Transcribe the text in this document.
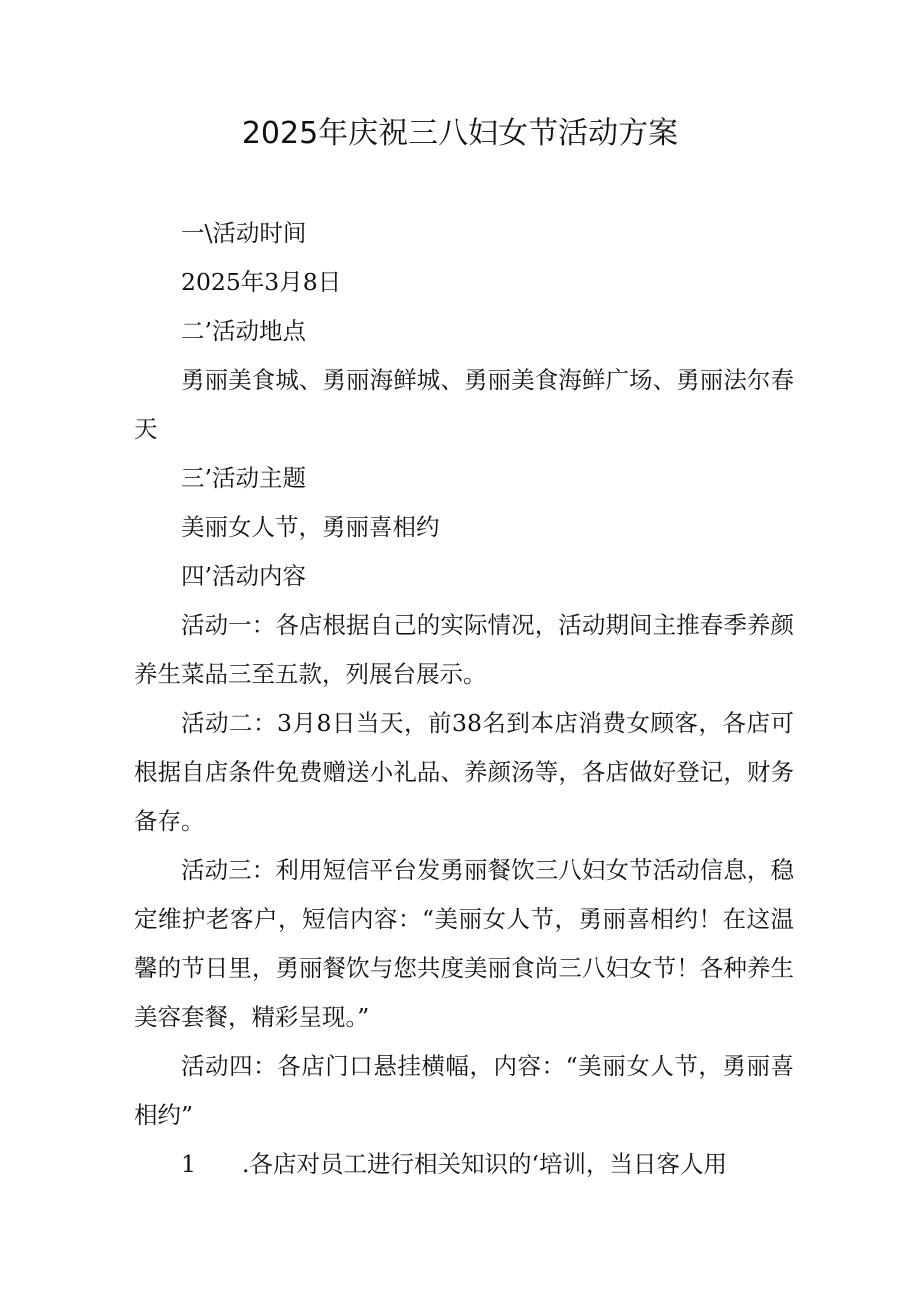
2025年庆祝三八妇女节活动方案

一\活动时间

2025年3月8日

二’活动地点

勇丽美食城、勇丽海鲜城、勇丽美食海鲜广场、勇丽法尔春天

三’活动主题

美丽女人节，勇丽喜相约

四’活动内容

活动一：各店根据自己的实际情况，活动期间主推春季养颜养生菜品三至五款，列展台展示。

活动二：3月8日当天，前38名到本店消费女顾客，各店可根据自店条件免费赠送小礼品、养颜汤等，各店做好登记，财务备存。

活动三：利用短信平台发勇丽餐饮三八妇女节活动信息，稳定维护老客户，短信内容：“美丽女人节，勇丽喜相约！在这温馨的节日里，勇丽餐饮与您共度美丽食尚三八妇女节！各种养生美容套餐，精彩呈现。”

活动四：各店门口悬挂横幅，内容：“美丽女人节，勇丽喜相约”

1 .各店对员工进行相关知识的‘培训，当日客人用
